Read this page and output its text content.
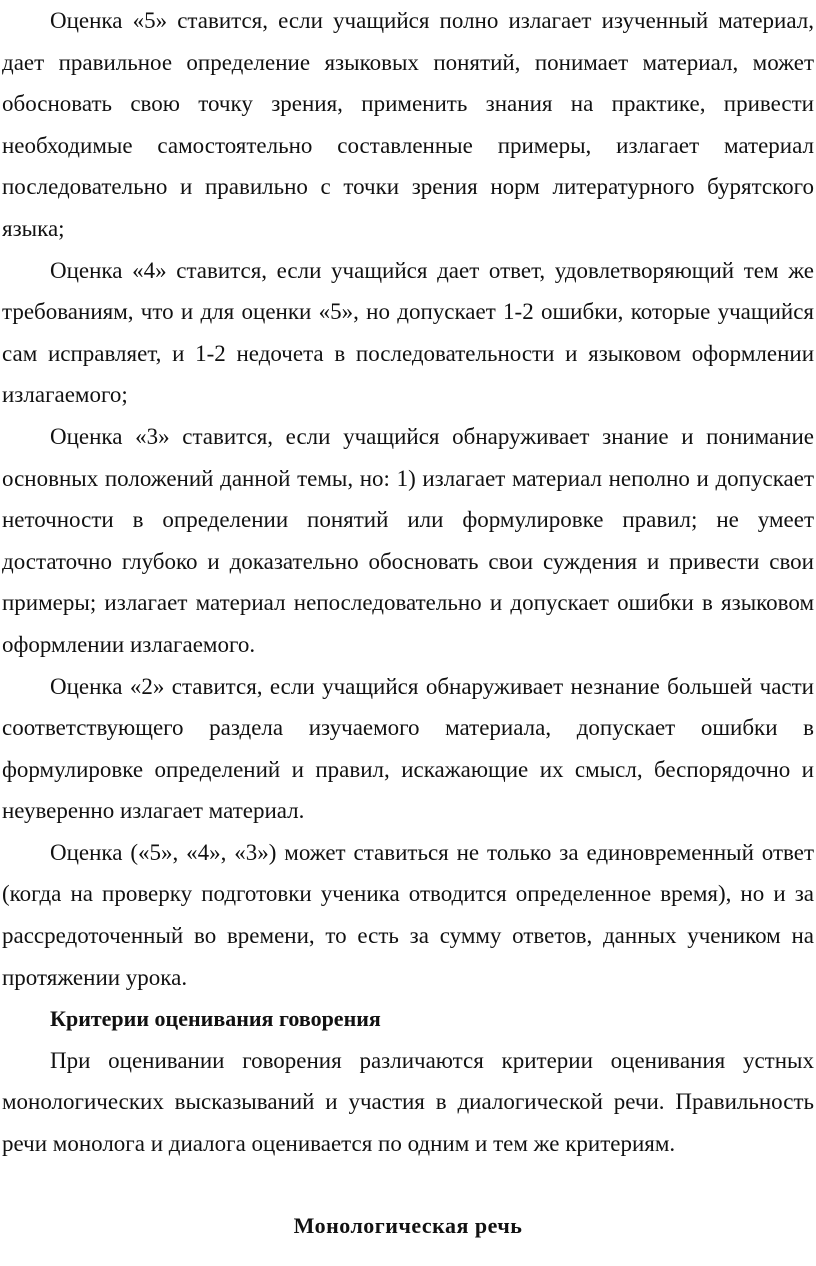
Оценка «5» ставится, если учащийся полно излагает изученный материал, дает правильное определение языковых понятий, понимает материал, может обосновать свою точку зрения, применить знания на практике, привести необходимые самостоятельно составленные примеры, излагает материал последовательно и правильно с точки зрения норм литературного бурятского языка;

Оценка «4» ставится, если учащийся дает ответ, удовлетворяющий тем же требованиям, что и для оценки «5», но допускает 1-2 ошибки, которые учащийся сам исправляет, и 1-2 недочета в последовательности и языковом оформлении излагаемого;

Оценка «3» ставится, если учащийся обнаруживает знание и понимание основных положений данной темы, но: 1) излагает материал неполно и допускает неточности в определении понятий или формулировке правил; не умеет достаточно глубоко и доказательно обосновать свои суждения и привести свои примеры; излагает материал непоследовательно и допускает ошибки в языковом оформлении излагаемого.

Оценка «2» ставится, если учащийся обнаруживает незнание большей части соответствующего раздела изучаемого материала, допускает ошибки в формулировке определений и правил, искажающие их смысл, беспорядочно и неуверенно излагает материал.

Оценка («5», «4», «3») может ставиться не только за единовременный ответ (когда на проверку подготовки ученика отводится определенное время), но и за рассредоточенный во времени, то есть за сумму ответов, данных учеником на протяжении урока.

Критерии оценивания говорения

При оценивании говорения различаются критерии оценивания устных монологических высказываний и участия в диалогической речи. Правильность речи монолога и диалога оценивается по одним и тем же критериям.

Монологическая речь
